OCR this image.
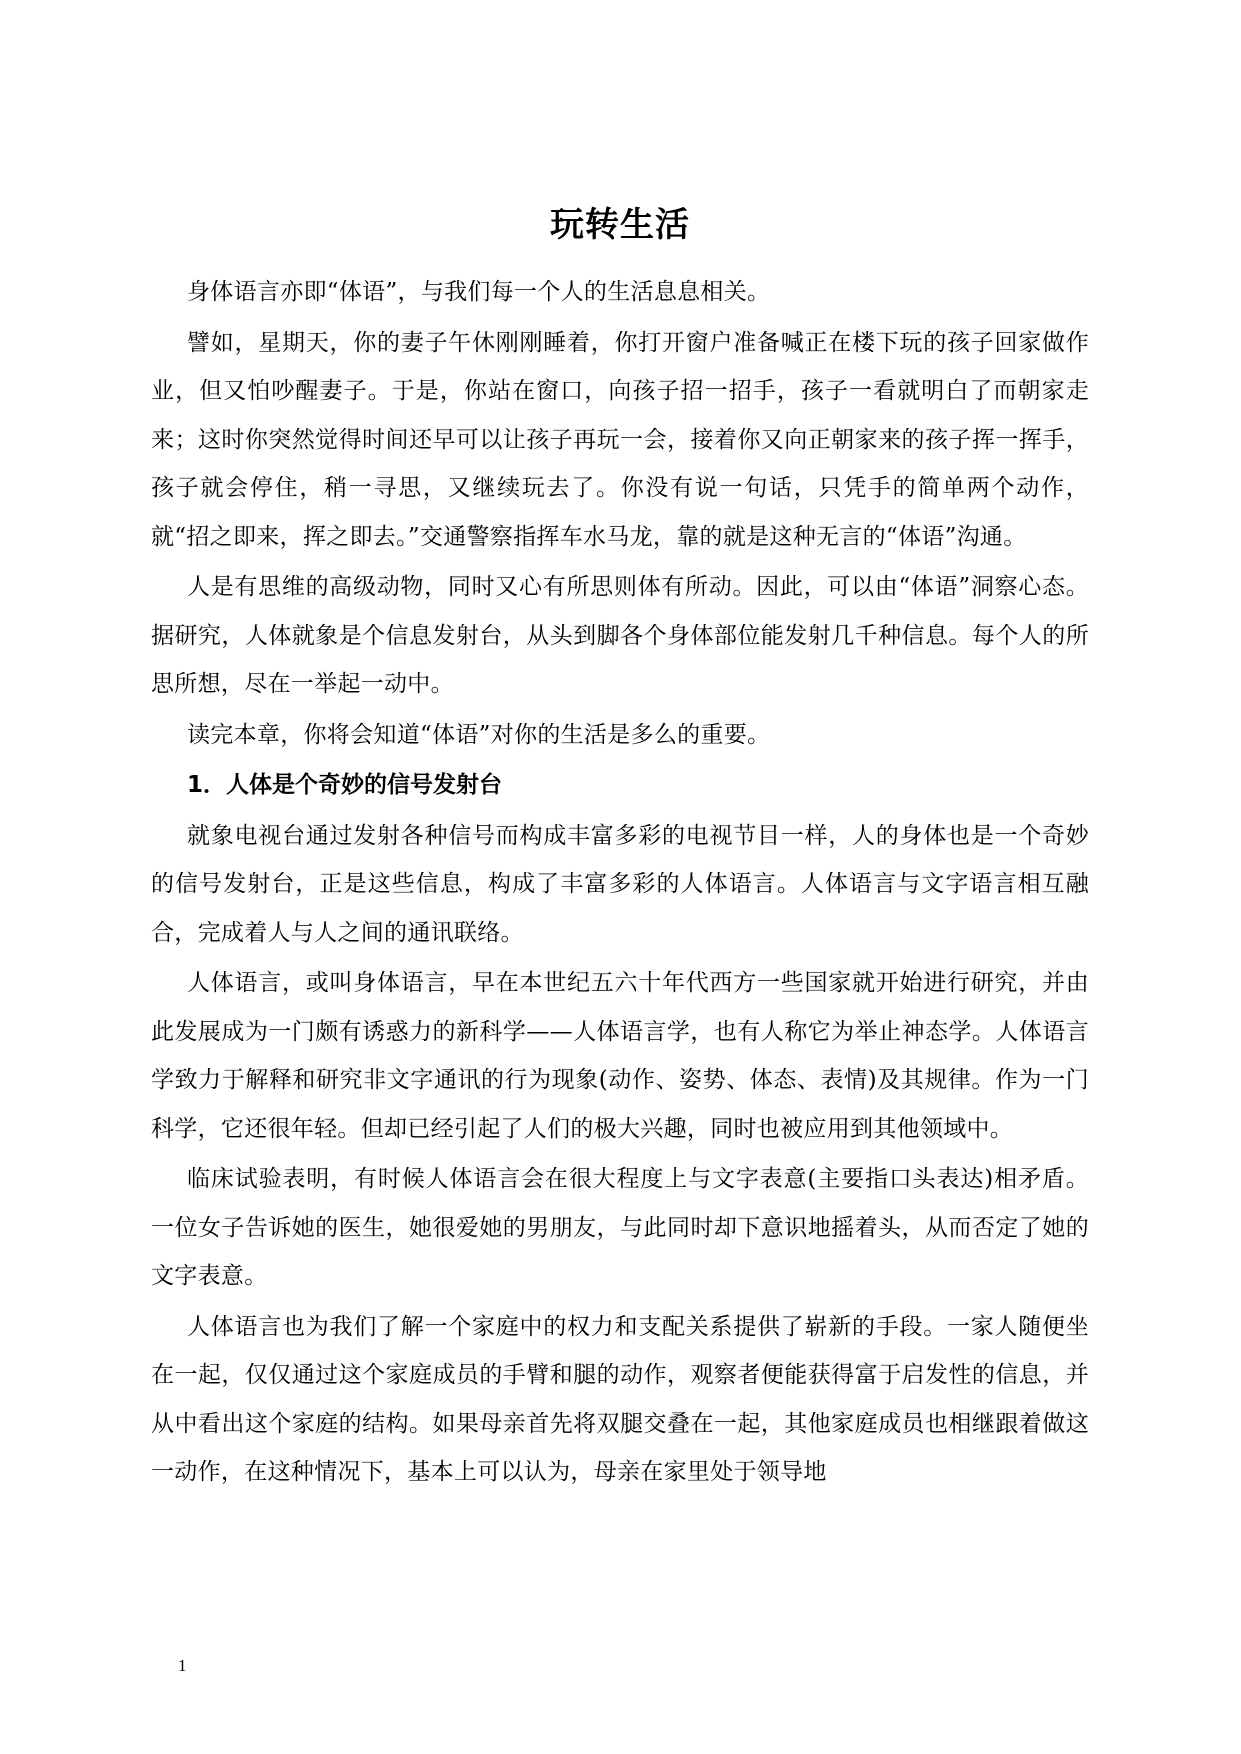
玩转生活

身体语言亦即“体语”，与我们每一个人的生活息息相关。

譬如，星期天，你的妻子午休刚刚睡着，你打开窗户准备喊正在楼下玩的孩子回家做作业，但又怕吵醒妻子。于是，你站在窗口，向孩子招一招手，孩子一看就明白了而朝家走来；这时你突然觉得时间还早可以让孩子再玩一会，接着你又向正朝家来的孩子挥一挥手，孩子就会停住，稍一寻思，又继续玩去了。你没有说一句话，只凭手的简单两个动作，就“招之即来，挥之即去。”交通警察指挥车水马龙，靠的就是这种无言的“体语”沟通。

人是有思维的高级动物，同时又心有所思则体有所动。因此，可以由“体语”洞察心态。据研究，人体就象是个信息发射台，从头到脚各个身体部位能发射几千种信息。每个人的所思所想，尽在一举起一动中。

读完本章，你将会知道“体语”对你的生活是多么的重要。

1．人体是个奇妙的信号发射台

就象电视台通过发射各种信号而构成丰富多彩的电视节目一样，人的身体也是一个奇妙的信号发射台，正是这些信息，构成了丰富多彩的人体语言。人体语言与文字语言相互融合，完成着人与人之间的通讯联络。

人体语言，或叫身体语言，早在本世纪五六十年代西方一些国家就开始进行研究，并由此发展成为一门颇有诱惑力的新科学——人体语言学，也有人称它为举止神态学。人体语言学致力于解释和研究非文字通讯的行为现象(动作、姿势、体态、表情)及其规律。作为一门科学，它还很年轻。但却已经引起了人们的极大兴趣，同时也被应用到其他领域中。

临床试验表明，有时候人体语言会在很大程度上与文字表意(主要指口头表达)相矛盾。一位女子告诉她的医生，她很爱她的男朋友，与此同时却下意识地摇着头，从而否定了她的文字表意。

人体语言也为我们了解一个家庭中的权力和支配关系提供了崭新的手段。一家人随便坐在一起，仅仅通过这个家庭成员的手臂和腿的动作，观察者便能获得富于启发性的信息，并从中看出这个家庭的结构。如果母亲首先将双腿交叠在一起，其他家庭成员也相继跟着做这一动作，在这种情况下，基本上可以认为，母亲在家里处于领导地

1
